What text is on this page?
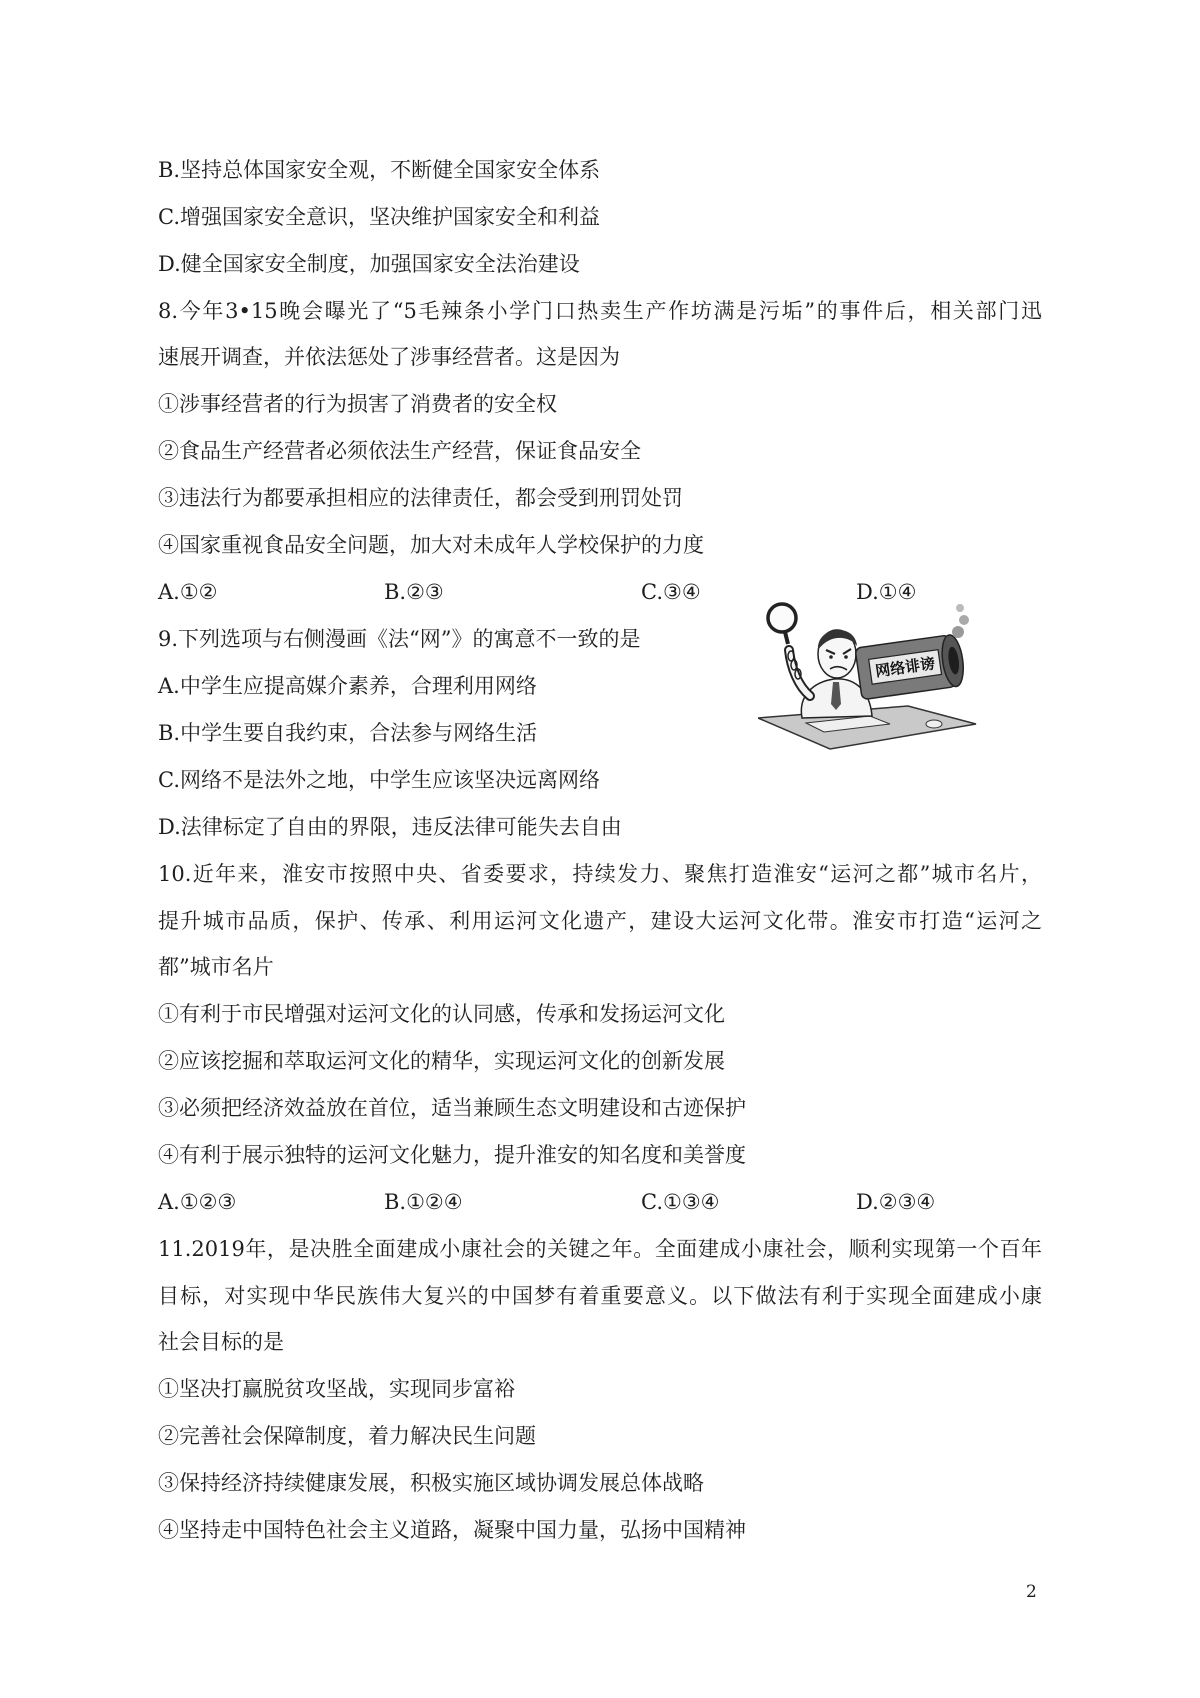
B.坚持总体国家安全观，不断健全国家安全体系
C.增强国家安全意识，坚决维护国家安全和利益
D.健全国家安全制度，加强国家安全法治建设
8.今年3•15晚会曝光了“5毛辣条小学门口热卖生产作坊满是污垢”的事件后，相关部门迅
速展开调查，并依法惩处了涉事经营者。这是因为
①涉事经营者的行为损害了消费者的安全权
②食品生产经营者必须依法生产经营，保证食品安全
③违法行为都要承担相应的法律责任，都会受到刑罚处罚
④国家重视食品安全问题，加大对未成年人学校保护的力度
A.①②	B.②③	C.③④	D.①④
9.下列选项与右侧漫画《法“网”》的寓意不一致的是
A.中学生应提高媒介素养，合理利用网络
B.中学生要自我约束，合法参与网络生活
C.网络不是法外之地，中学生应该坚决远离网络
D.法律标定了自由的界限，违反法律可能失去自由
网络诽谤
10.近年来，淮安市按照中央、省委要求，持续发力、聚焦打造淮安“运河之都”城市名片，
提升城市品质，保护、传承、利用运河文化遗产，建设大运河文化带。淮安市打造“运河之
都”城市名片
①有利于市民增强对运河文化的认同感，传承和发扬运河文化
②应该挖掘和萃取运河文化的精华，实现运河文化的创新发展
③必须把经济效益放在首位，适当兼顾生态文明建设和古迹保护
④有利于展示独特的运河文化魅力，提升淮安的知名度和美誉度
A.①②③	B.①②④	C.①③④	D.②③④
11.2019年，是决胜全面建成小康社会的关键之年。全面建成小康社会，顺利实现第一个百年
目标，对实现中华民族伟大复兴的中国梦有着重要意义。以下做法有利于实现全面建成小康
社会目标的是
①坚决打赢脱贫攻坚战，实现同步富裕
②完善社会保障制度，着力解决民生问题
③保持经济持续健康发展，积极实施区域协调发展总体战略
④坚持走中国特色社会主义道路，凝聚中国力量，弘扬中国精神
2
